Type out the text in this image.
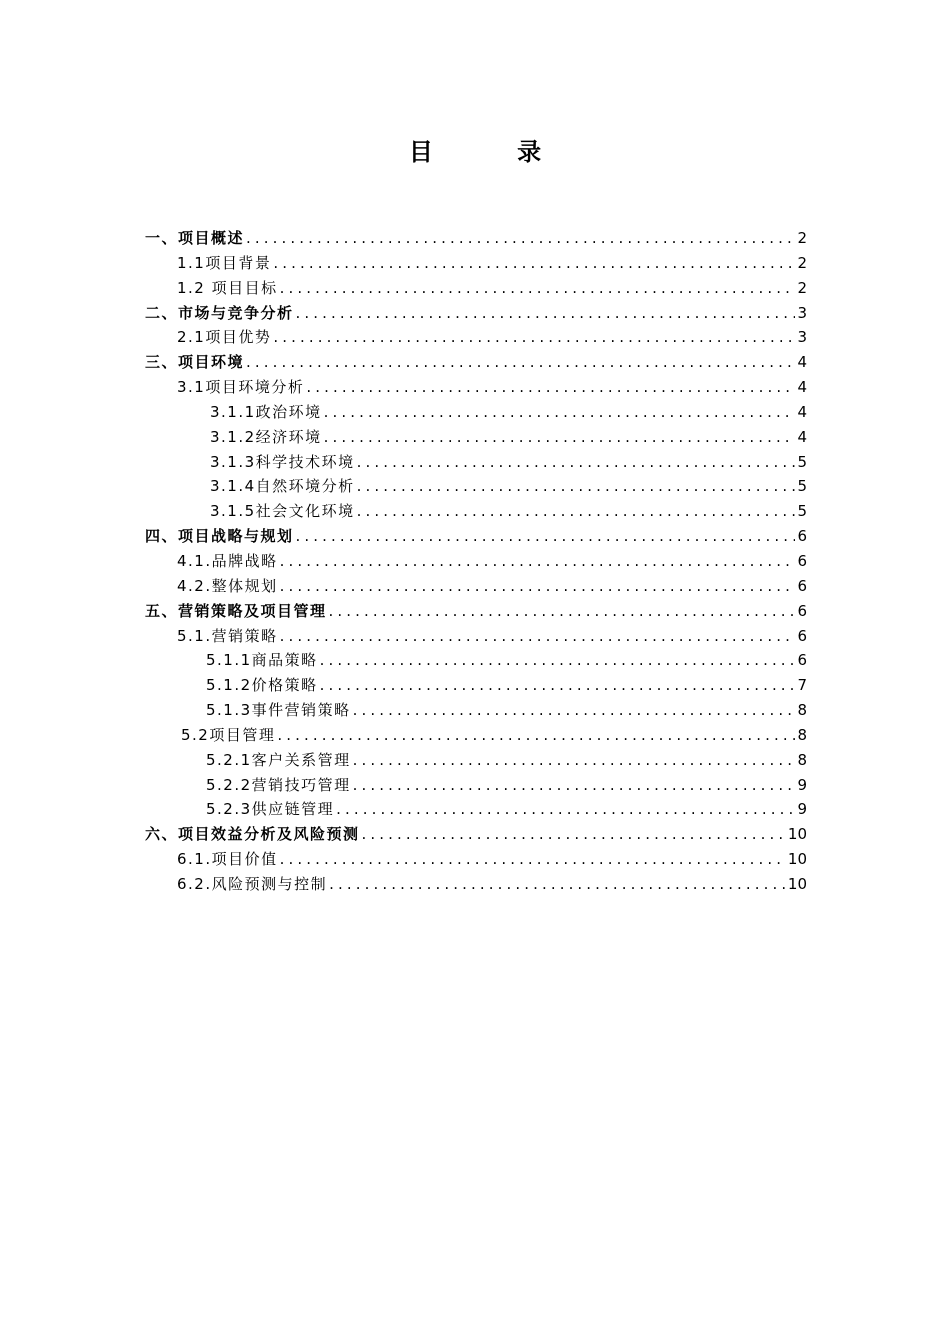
目 录
一、项目概述 .....	2
1.1项目背景 .....	2
1.2 项目目标 .....	2
二、市场与竞争分析 .....	3
2.1项目优势 .....	3
三、项目环境 .....	4
3.1项目环境分析 .....	4
3.1.1政治环境 .....	4
3.1.2经济环境 .....	4
3.1.3科学技术环境 .....	5
3.1.4自然环境分析 .....	5
3.1.5社会文化环境 .....	5
四、项目战略与规划 .....	6
4.1.品牌战略 .....	6
4.2.整体规划 .....	6
五、营销策略及项目管理 .....	6
5.1.营销策略 .....	6
5.1.1商品策略 .....	6
5.1.2价格策略 .....	7
5.1.3事件营销策略 .....	8
5.2项目管理 .....	8
5.2.1客户关系管理 .....	8
5.2.2营销技巧管理 .....	9
5.2.3供应链管理 .....	9
六、项目效益分析及风险预测 .....	10
6.1.项目价值 .....	10
6.2.风险预测与控制 .....	10
